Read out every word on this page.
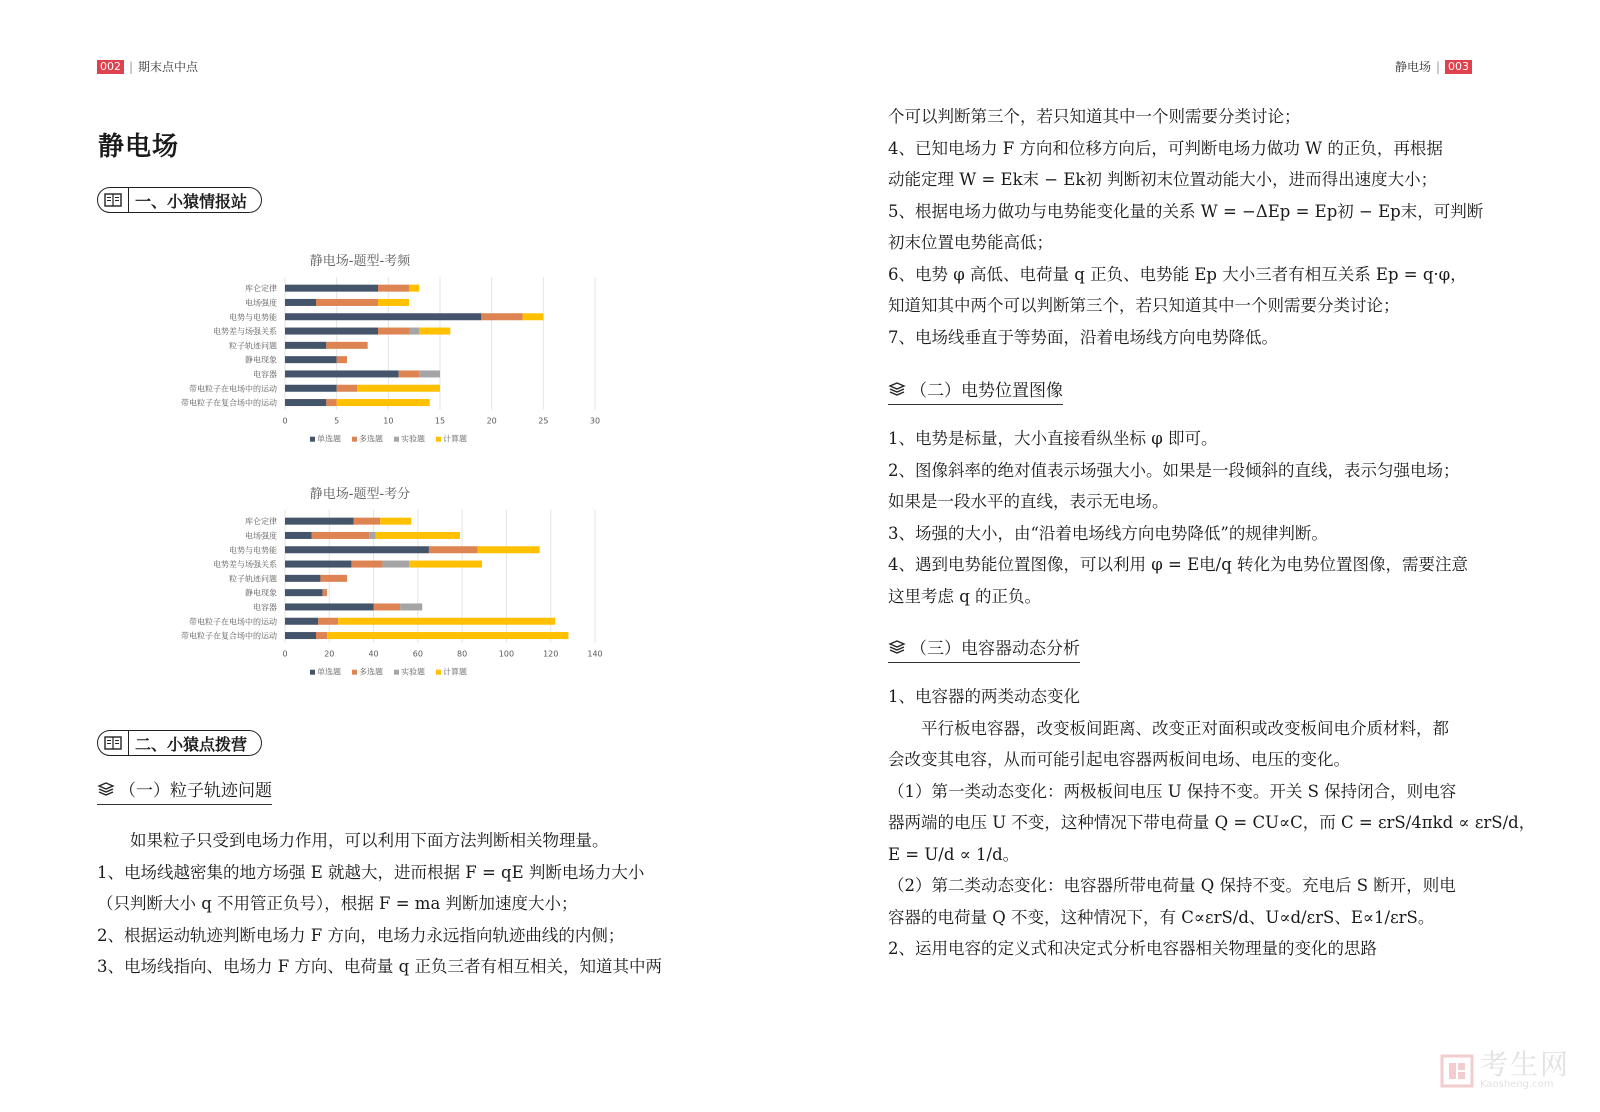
002 | 期末点中点	静电场 | 003
静电场
一、小猿情报站
静电场-题型-考频
0	5	10	15	20	25	30
库仑定律
电场强度
电势与电势能
电势差与场强关系
粒子轨迹问题
静电现象
电容器
带电粒子在电场中的运动
带电粒子在复合场中的运动
单选题 多选题 实验题 计算题
静电场-题型-考分
0	20	40	60	80	100	120	140
库仑定律
电场强度
电势与电势能
电势差与场强关系
粒子轨迹问题
静电现象
电容器
带电粒子在电场中的运动
带电粒子在复合场中的运动
单选题 多选题 实验题 计算题
二、小猿点拨营
（一）粒子轨迹问题

　　如果粒子只受到电场力作用，可以利用下面方法判断相关物理量。

1、电场线越密集的地方场强 E 就越大，进而根据 F = qE 判断电场力大小

（只判断大小 q 不用管正负号），根据 F = ma 判断加速度大小；

2、根据运动轨迹判断电场力 F 方向，电场力永远指向轨迹曲线的内侧；

3、电场线指向、电场力 F 方向、电荷量 q 正负三者有相互相关，知道其中两

个可以判断第三个，若只知道其中一个则需要分类讨论；

4、已知电场力 F 方向和位移方向后，可判断电场力做功 W 的正负，再根据

动能定理 W = Ek末 − Ek初 判断初末位置动能大小，进而得出速度大小；

5、根据电场力做功与电势能变化量的关系 W = −ΔEp = Ep初 − Ep末，可判断

初末位置电势能高低；

6、电势 φ 高低、电荷量 q 正负、电势能 Ep 大小三者有相互关系 Ep = q·φ，

知道知其中两个可以判断第三个，若只知道其中一个则需要分类讨论；

7、电场线垂直于等势面，沿着电场线方向电势降低。

（二）电势位置图像

1、电势是标量，大小直接看纵坐标 φ 即可。

2、图像斜率的绝对值表示场强大小。如果是一段倾斜的直线，表示匀强电场；

如果是一段水平的直线，表示无电场。

3、场强的大小，由“沿着电场线方向电势降低”的规律判断。

4、遇到电势能位置图像，可以利用 φ = E电/q 转化为电势位置图像，需要注意

这里考虑 q 的正负。

（三）电容器动态分析

1、电容器的两类动态变化

　　平行板电容器，改变板间距离、改变正对面积或改变板间电介质材料，都

会改变其电容，从而可能引起电容器两板间电场、电压的变化。

（1）第一类动态变化：两极板间电压 U 保持不变。开关 S 保持闭合，则电容

器两端的电压 U 不变，这种情况下带电荷量 Q = CU∝C，而 C = εrS/4πkd ∝ εrS/d，

E = U/d ∝ 1/d。

（2）第二类动态变化：电容器所带电荷量 Q 保持不变。充电后 S 断开，则电

容器的电荷量 Q 不变，这种情况下，有 C∝εrS/d、U∝d/εrS、E∝1/εrS。

2、运用电容的定义式和决定式分析电容器相关物理量的变化的思路

考生网
Kaosheng.com
